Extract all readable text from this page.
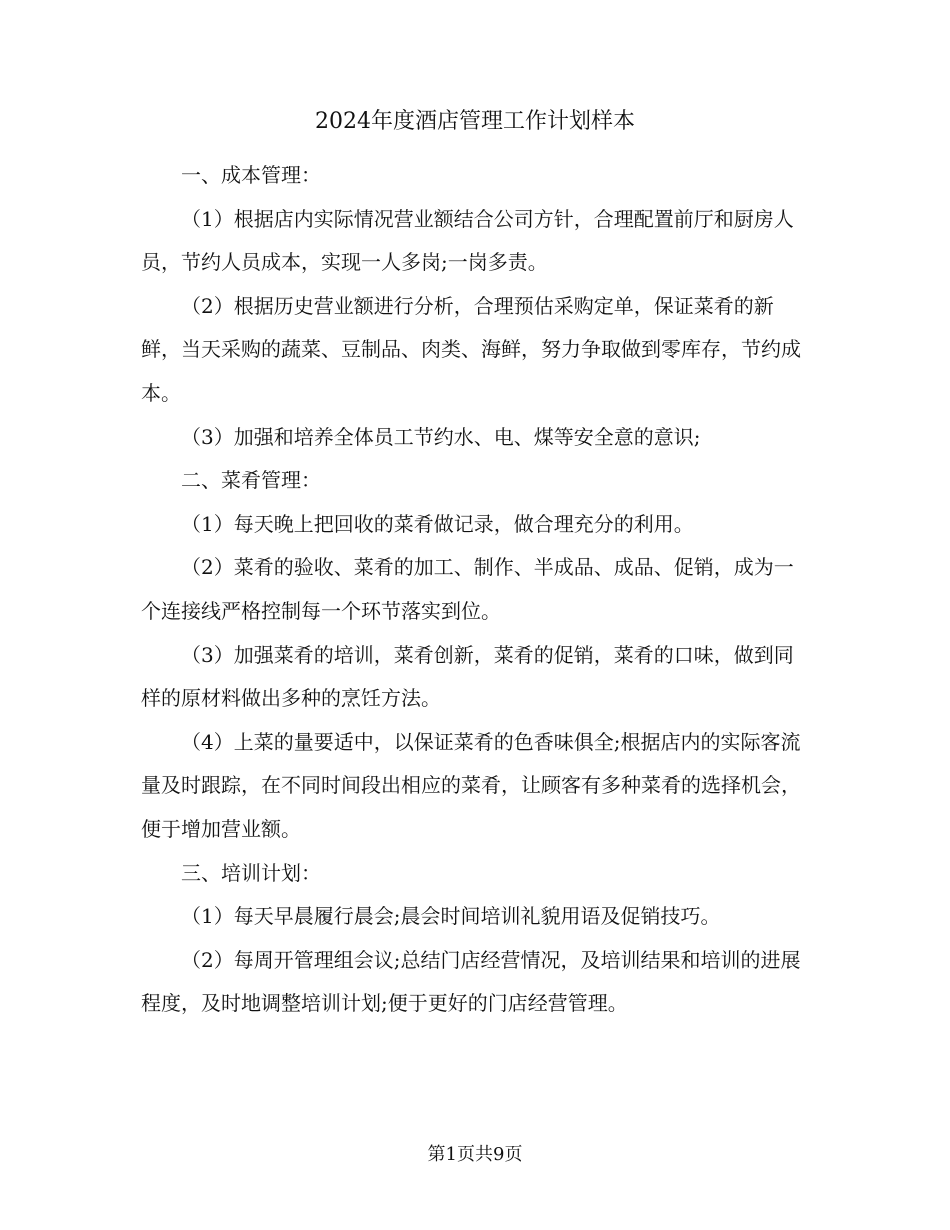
2024年度酒店管理工作计划样本

一、成本管理：

（1）根据店内实际情况营业额结合公司方针，合理配置前厅和厨房人员，节约人员成本，实现一人多岗;一岗多责。

（2）根据历史营业额进行分析，合理预估采购定单，保证菜肴的新鲜，当天采购的蔬菜、豆制品、肉类、海鲜，努力争取做到零库存，节约成本。

（3）加强和培养全体员工节约水、电、煤等安全意的意识;

二、菜肴管理：

（1）每天晚上把回收的菜肴做记录，做合理充分的利用。

（2）菜肴的验收、菜肴的加工、制作、半成品、成品、促销，成为一个连接线严格控制每一个环节落实到位。

（3）加强菜肴的培训，菜肴创新，菜肴的促销，菜肴的口味，做到同样的原材料做出多种的烹饪方法。

（4）上菜的量要适中，以保证菜肴的色香味俱全;根据店内的实际客流量及时跟踪，在不同时间段出相应的菜肴，让顾客有多种菜肴的选择机会，便于增加营业额。

三、培训计划：

（1）每天早晨履行晨会;晨会时间培训礼貌用语及促销技巧。

（2）每周开管理组会议;总结门店经营情况，及培训结果和培训的进展程度，及时地调整培训计划;便于更好的门店经营管理。

第1页共9页
